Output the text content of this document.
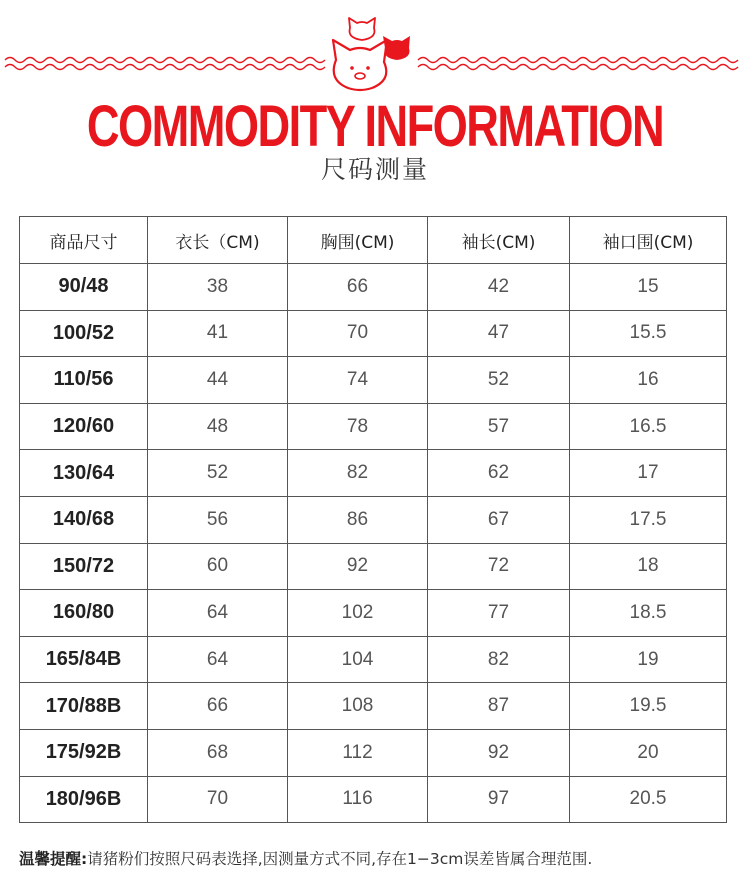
COMMODITY INFORMATION
尺码测量
商品尺寸	衣长（CM)	胸围(CM)	袖长(CM)	袖口围(CM)
90/48	38	66	42	15
100/52	41	70	47	15.5
110/56	44	74	52	16
120/60	48	78	57	16.5
130/64	52	82	62	17
140/68	56	86	67	17.5
150/72	60	92	72	18
160/80	64	102	77	18.5
165/84B	64	104	82	19
170/88B	66	108	87	19.5
175/92B	68	112	92	20
180/96B	70	116	97	20.5
温馨提醒:请猪粉们按照尺码表选择,因测量方式不同,存在1−3cm误差皆属合理范围.
